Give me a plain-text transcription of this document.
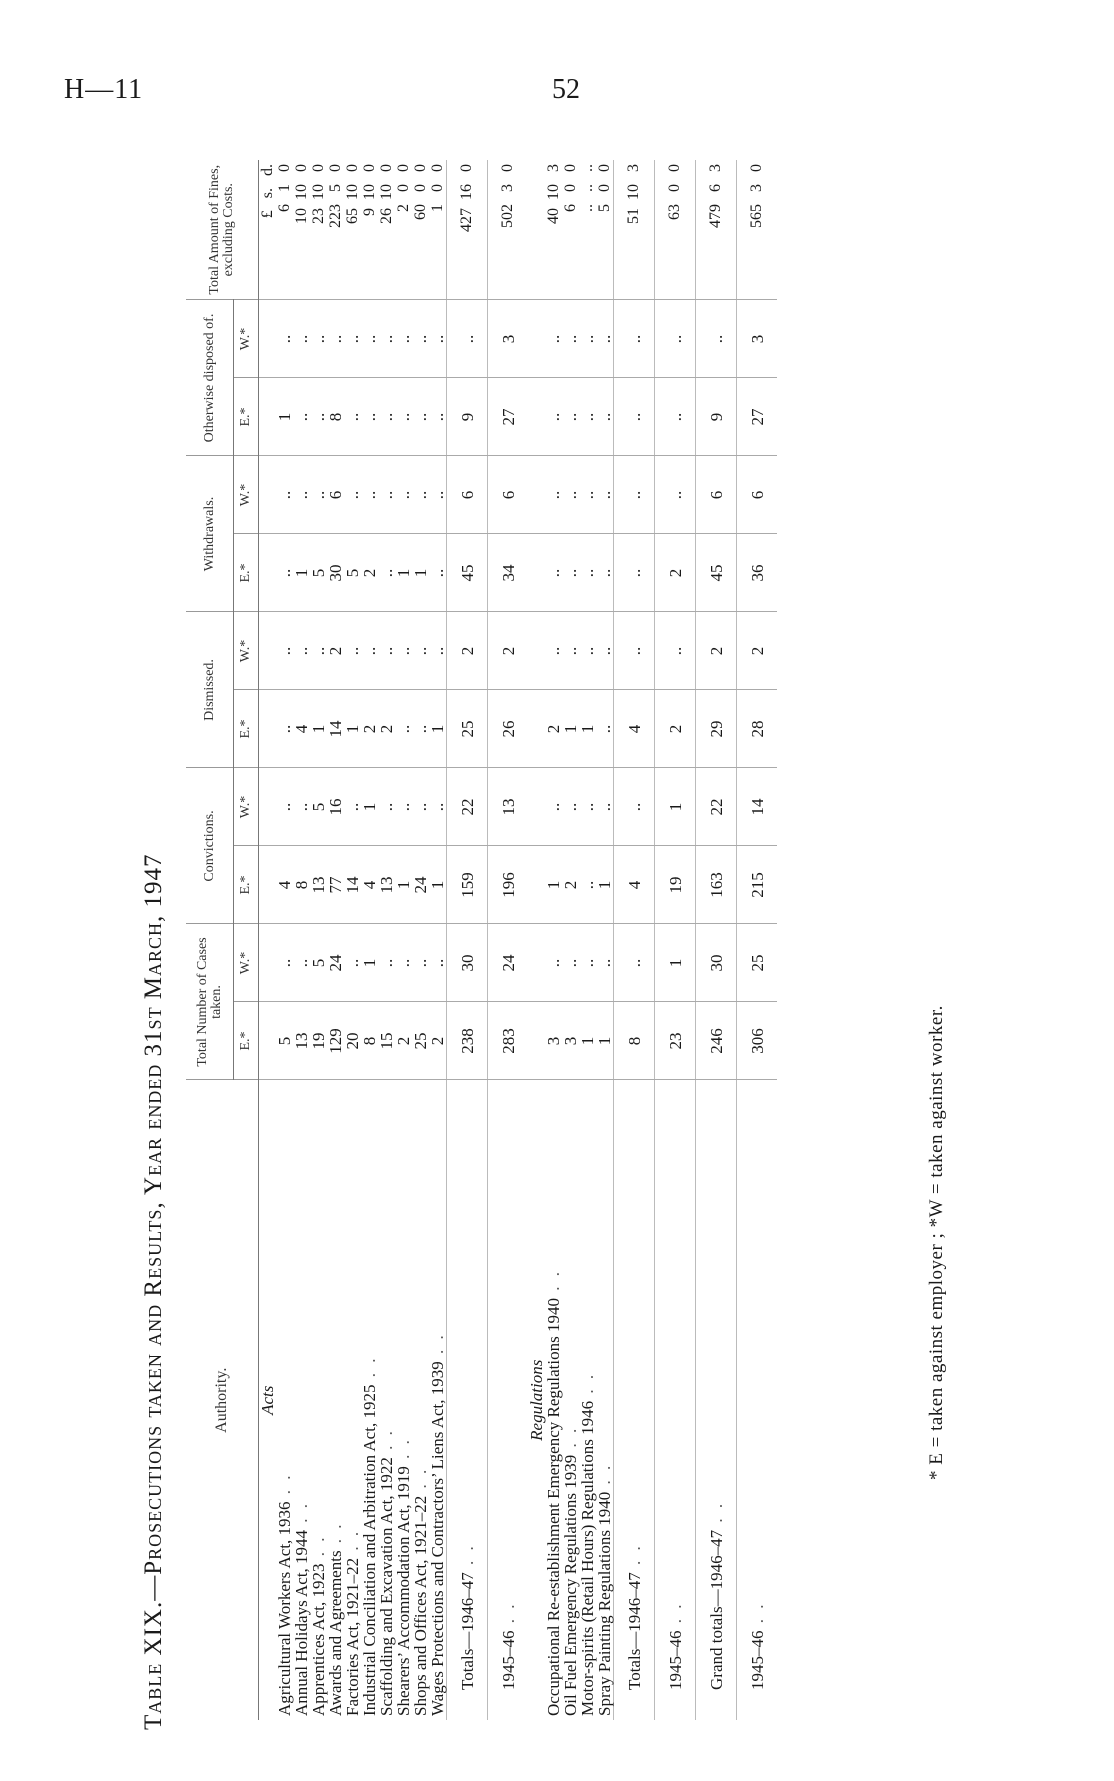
H—11	52
Table XIX.—Prosecutions taken and Results, Year ended 31st March, 1947	Authority.	Total Number of Cases taken.		Convictions.		Dismissed.		Withdrawals.		Otherwise disposed of.		Total Amount of Fines, excluding Costs.
	E.*	W.*	E.*	W.*	E.*	W.*	E.*	W.*	E.*	W.*	
Acts											£   s.   d.
Agricultural Workers Act, 1936 . .	5	..	4	..	..	..	..	..	1	..	6   1   0
Annual Holidays Act, 1944 . .	13	..	8	..	4	..	1	..	..	..	10  10   0
Apprentices Act, 1923 . .	19	5	13	5	1	..	5	..	..	..	23  10   0
Awards and Agreements . .	129	24	77	16	14	2	30	6	8	..	223   5   0
Factories Act, 1921–22 . .	20	..	14	..	1	..	5	..	..	..	65  10   0
Industrial Conciliation and Arbitration Act, 1925 . .	8	1	4	1	2	..	2	..	..	..	9  10   0
Scaffolding and Excavation Act, 1922 . .	15	..	13	..	2	..	..	..	..	..	26  10   0
Shearers’ Accommodation Act, 1919 . .	2	..	1	..	..	..	1	..	..	..	2   0   0
Shops and Offices Act, 1921–22 . .	25	..	24	..	..	..	1	..	..	..	60   0   0
Wages Protections and Contractors’ Liens Act, 1939 . .	2	..	1	..	1	..	..	..	..	..	1   0   0
Totals—1946–47 . .	238	30	159	22	25	2	45	6	9	..	427  16   0
1945–46 . .	283	24	196	13	26	2	34	6	27	3	502   3   0
Regulations											
Occupational Re-establishment Emergency Regulations 1940 . .	3	..	1	..	2	..	..	..	..	..	40  10   3
Oil Fuel Emergency Regulations 1939 . .	3	..	2	..	1	..	..	..	..	..	6   0   0
Motor-spirits (Retail Hours) Regulations 1946 . .	1	..	..	..	1	..	..	..	..	..	..   ..   ..
Spray Painting Regulations 1940 . .	1	..	1	..	..	..	..	..	..	..	5   0   0
Totals—1946–47 . .	8	..	4	..	4	..	..	..	..	..	51  10   3
1945–46 . .	23	1	19	1	2	..	2	..	..	..	63   0   0
Grand totals—1946–47 . .	246	30	163	22	29	2	45	6	9	..	479   6   3
1945–46 . .	306	25	215	14	28	2	36	6	27	3	565   3   0
* E = taken against employer ; *W = taken against worker.
